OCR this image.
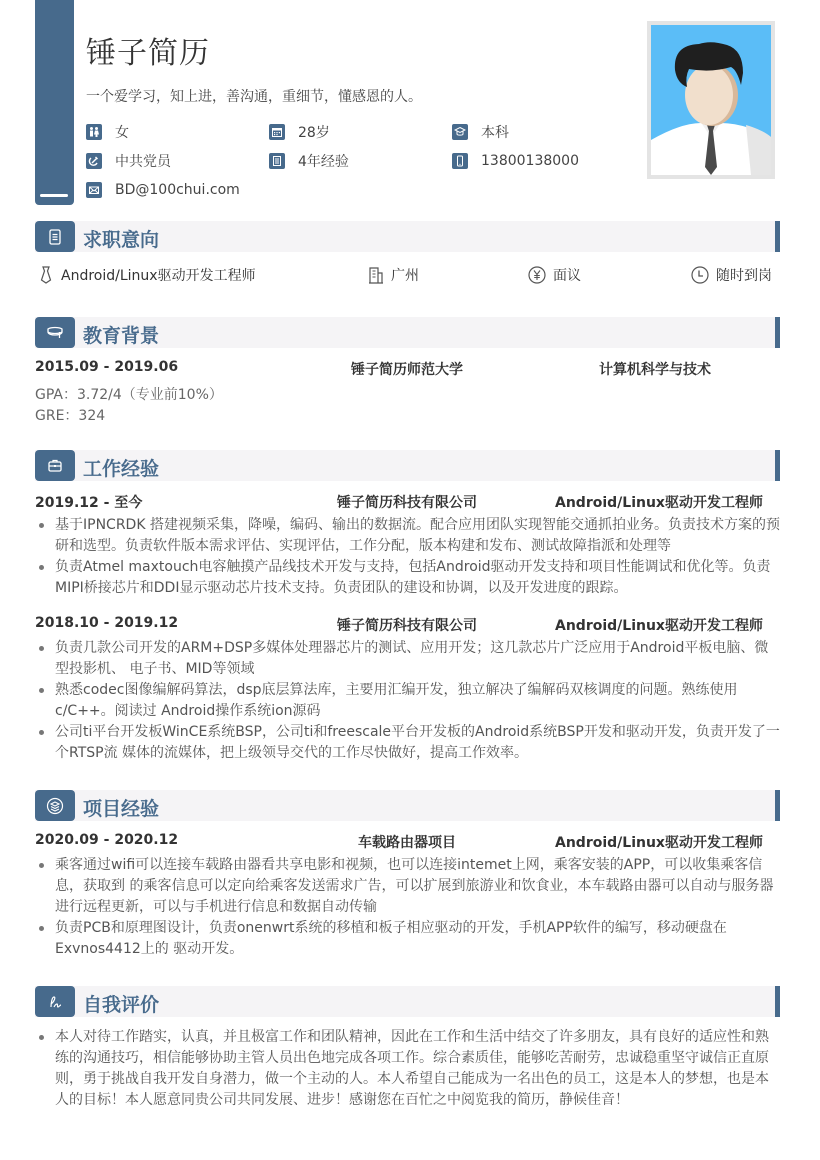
锤子简历
一个爱学习，知上进，善沟通，重细节，懂感恩的人。
女	28岁	本科
中共党员	4年经验	13800138000
BD@100chui.com
求职意向
Android/Linux驱动开发工程师	广州	面议	随时到岗
教育背景
2015.09 - 2019.06	锤子简历师范大学	计算机科学与技术
GPA：3.72/4（专业前10%）
GRE：324
工作经验
2019.12 - 至今	锤子简历科技有限公司	Android/Linux驱动开发工程师
基于IPNCRDK 搭建视频采集，降噪，编码、输出的数据流。配合应用团队实现智能交通抓拍业务。负责技术方案的预研和选型。负责软件版本需求评估、实现评估，工作分配，版本构建和发布、测试故障指派和处理等
负责Atmel maxtouch电容触摸产品线技术开发与支持，包括Android驱动开发支持和项目性能调试和优化等。负责MIPI桥接芯片和DDI显示驱动芯片技术支持。负责团队的建设和协调，以及开发进度的跟踪。
2018.10 - 2019.12	锤子简历科技有限公司	Android/Linux驱动开发工程师
负责几款公司开发的ARM+DSP多媒体处理器芯片的测试、应用开发；这几款芯片广泛应用于Android平板电脑、微型投影机、 电子书、MID等领域
熟悉codec图像编解码算法，dsp底层算法库，主要用汇编开发，独立解决了编解码双核调度的问题。熟练使用c/C++。阅读过 Android操作系统ion源码
公司ti平台开发板WinCE系统BSP，公司ti和freescale平台开发板的Android系统BSP开发和驱动开发，负责开发了一个RTSP流 媒体的流媒体，把上级领导交代的工作尽快做好，提高工作效率。
项目经验
2020.09 - 2020.12	车载路由器项目	Android/Linux驱动开发工程师
乘客通过wifi可以连接车载路由器看共享电影和视频，也可以连接intemet上网，乘客安装的APP，可以收集乘客信息，获取到 的乘客信息可以定向给乘客发送需求广告，可以扩展到旅游业和饮食业，本车载路由器可以自动与服务器进行远程更新，可以与手机进行信息和数据自动传输
负责PCB和原理图设计，负责onenwrt系统的移植和板子相应驱动的开发，手机APP软件的编写，移动硬盘在Exvnos4412上的 驱动开发。
自我评价
本人对待工作踏实，认真，并且极富工作和团队精神，因此在工作和生活中结交了许多朋友，具有良好的适应性和熟练的沟通技巧，相信能够协助主管人员出色地完成各项工作。综合素质佳，能够吃苦耐劳，忠诚稳重坚守诚信正直原则，勇于挑战自我开发自身潜力，做一个主动的人。本人希望自己能成为一名出色的员工，这是本人的梦想，也是本人的目标！本人愿意同贵公司共同发展、进步！感谢您在百忙之中阅览我的简历，静候佳音！
